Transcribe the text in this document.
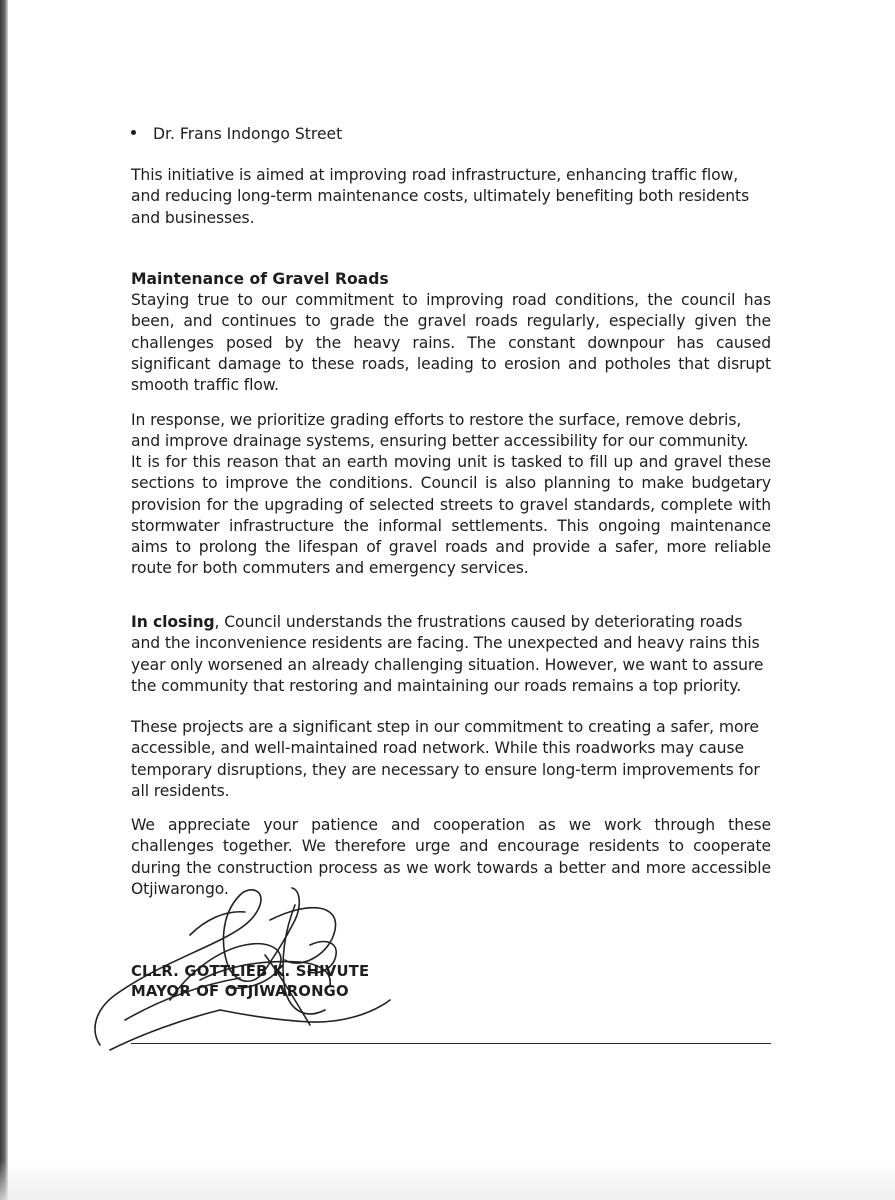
Dr. Frans Indongo Street

This initiative is aimed at improving road infrastructure, enhancing traffic flow, and reducing long-term maintenance costs, ultimately benefiting both residents and businesses.

Maintenance of Gravel Roads

Staying true to our commitment to improving road conditions, the council has been, and continues to grade the gravel roads regularly, especially given the challenges posed by the heavy rains. The constant downpour has caused significant damage to these roads, leading to erosion and potholes that disrupt smooth traffic flow.

In response, we prioritize grading efforts to restore the surface, remove debris, and improve drainage systems, ensuring better accessibility for our community.

It is for this reason that an earth moving unit is tasked to fill up and gravel these sections to improve the conditions. Council is also planning to make budgetary provision for the upgrading of selected streets to gravel standards, complete with stormwater infrastructure the informal settlements. This ongoing maintenance aims to prolong the lifespan of gravel roads and provide a safer, more reliable route for both commuters and emergency services.

In closing, Council understands the frustrations caused by deteriorating roads and the inconvenience residents are facing. The unexpected and heavy rains this year only worsened an already challenging situation. However, we want to assure the community that restoring and maintaining our roads remains a top priority.

These projects are a significant step in our commitment to creating a safer, more accessible, and well-maintained road network. While this roadworks may cause temporary disruptions, they are necessary to ensure long-term improvements for all residents.

We appreciate your patience and cooperation as we work through these challenges together. We therefore urge and encourage residents to cooperate during the construction process as we work towards a better and more accessible Otjiwarongo.

CLLR. GOTTLIEB K. SHIVUTE
MAYOR OF OTJIWARONGO
